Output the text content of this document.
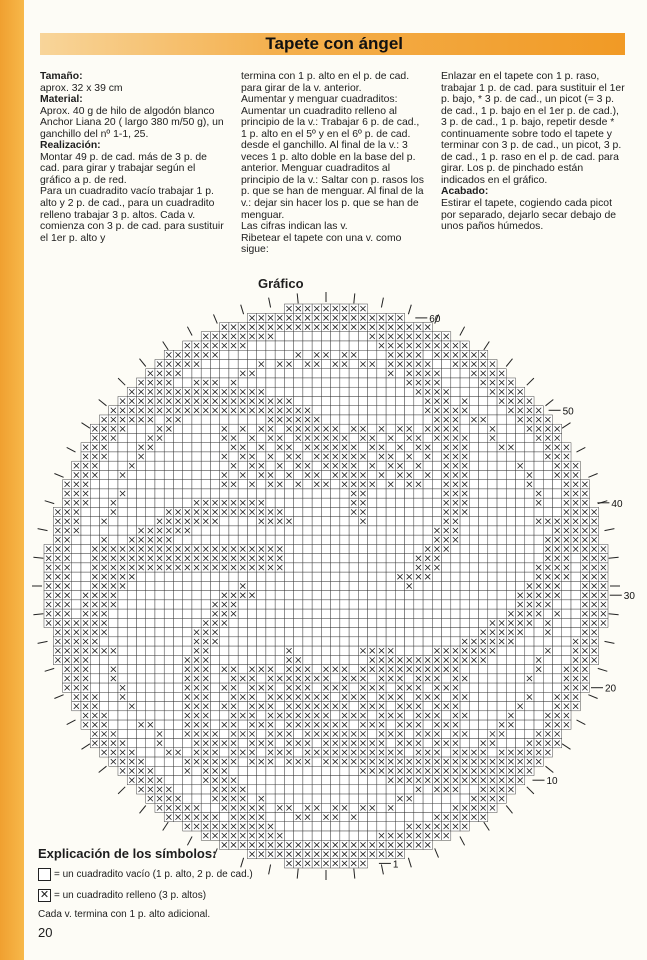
Tapete con ángel

Tamaño:

aprox. 32 x 39 cm

Material:

Aprox. 40 g de hilo de algodón blanco Anchor Liana 20 ( largo 380 m/50 g), un ganchillo del nº 1-1, 25.

Realización:

Montar 49 p. de cad. más de 3 p. de cad. para girar y trabajar según el gráfico a p. de red.

Para un cuadradito vacío trabajar 1 p. alto y 2 p. de cad., para un cuadradito relleno trabajar 3 p. altos. Cada v. comienza con 3 p. de cad. para sustituir el 1er p. alto y

termina con 1 p. alto en el p. de cad. para girar de la v. anterior.

Aumentar y menguar cuadraditos:

Aumentar un cuadradito relleno al principio de la v.: Trabajar 6 p. de cad., 1 p. alto en el 5º y en el 6º p. de cad. desde el ganchillo. Al final de la v.: 3 veces 1 p. alto doble en la base del p. anterior. Menguar cuadraditos al principio de la v.: Saltar con p. rasos los p. que se han de menguar. Al final de la v.: dejar sin hacer los p. que se han de menguar.

Las cifras indican las v.

Ribetear el tapete con una v. como sigue:

Enlazar en el tapete con 1 p. raso, trabajar 1 p. de cad. para sustituir el 1er p. bajo, * 3 p. de cad., un picot (= 3 p. de cad., 1 p. bajo en el 1er p. de cad.), 3 p. de cad., 1 p. bajo, repetir desde * continuamente sobre todo el tapete y terminar con 3 p. de cad., un picot, 3 p. de cad., 1 p. raso en el p. de cad. para girar. Los p. de pinchado están indicados en el gráfico.

Acabado:

Estirar el tapete, cogiendo cada picot por separado, dejarlo secar debajo de unos paños húmedos.

Gráfico
1
10
20
30
40
50
60
Explicación de los símbolos:
= un cuadradito vacío (1 p. alto, 2 p. de cad.)
✕= un cuadradito relleno (3 p. altos)
Cada v. termina con 1 p. alto adicional.
20
